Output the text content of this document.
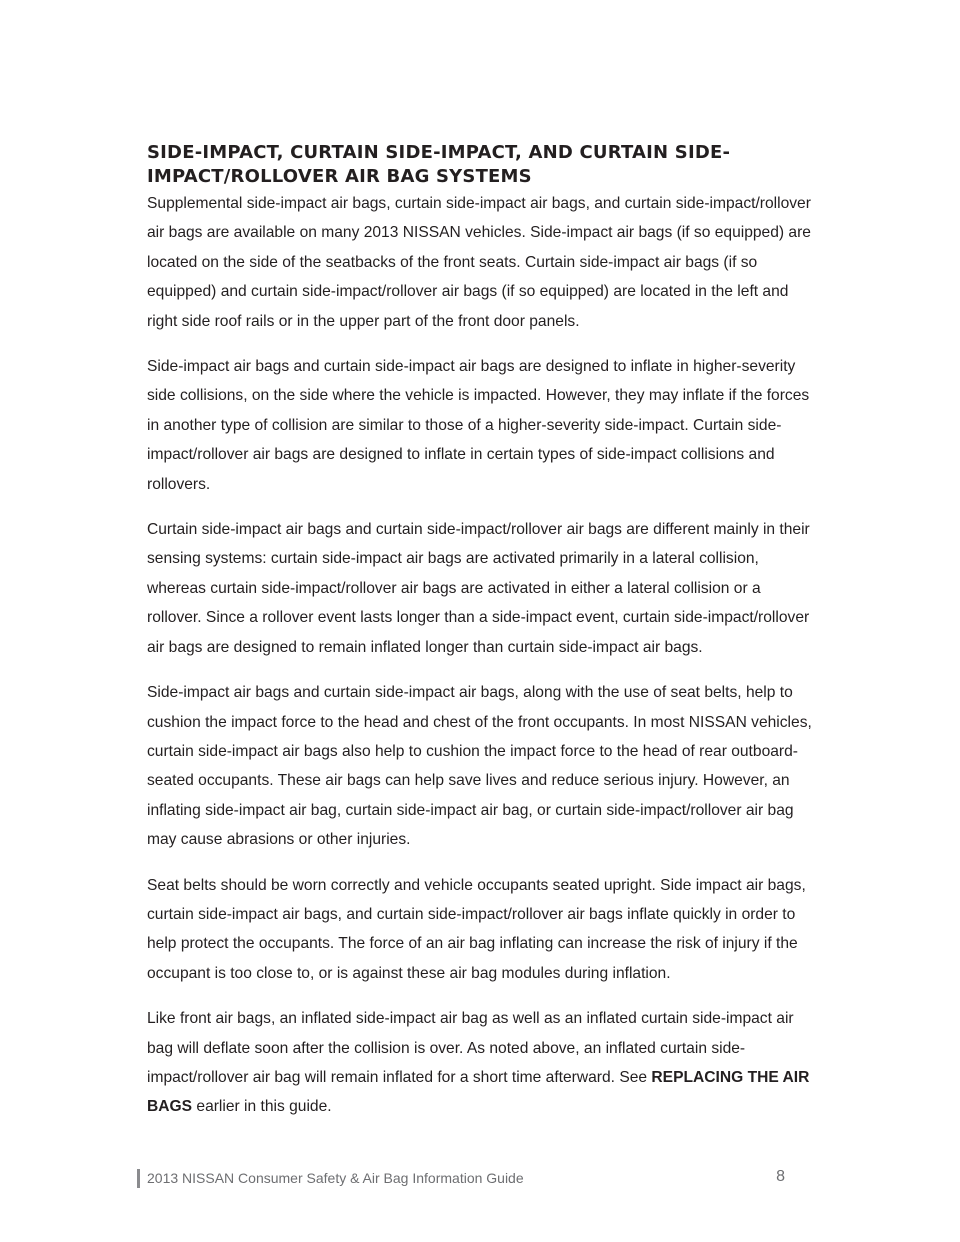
SIDE-IMPACT, CURTAIN SIDE-IMPACT, AND CURTAIN SIDE-IMPACT/ROLLOVER AIR BAG SYSTEMS

Supplemental side-impact air bags, curtain side-impact air bags, and curtain side-impact/rollover air bags are available on many 2013 NISSAN vehicles. Side-impact air bags (if so equipped) are located on the side of the seatbacks of the front seats. Curtain side-impact air bags (if so equipped) and curtain side-impact/rollover air bags (if so equipped) are located in the left and right side roof rails or in the upper part of the front door panels.

Side-impact air bags and curtain side-impact air bags are designed to inflate in higher-severity side collisions, on the side where the vehicle is impacted. However, they may inflate if the forces in another type of collision are similar to those of a higher-severity side-impact. Curtain side-impact/rollover air bags are designed to inflate in certain types of side-impact collisions and rollovers.

Curtain side-impact air bags and curtain side-impact/rollover air bags are different mainly in their sensing systems: curtain side-impact air bags are activated primarily in a lateral collision, whereas curtain side-impact/rollover air bags are activated in either a lateral collision or a rollover. Since a rollover event lasts longer than a side-impact event, curtain side-impact/rollover air bags are designed to remain inflated longer than curtain side-impact air bags.

Side-impact air bags and curtain side-impact air bags, along with the use of seat belts, help to cushion the impact force to the head and chest of the front occupants. In most NISSAN vehicles, curtain side-impact air bags also help to cushion the impact force to the head of rear outboard-seated occupants. These air bags can help save lives and reduce serious injury. However, an inflating side-impact air bag, curtain side-impact air bag, or curtain side-impact/rollover air bag may cause abrasions or other injuries.

Seat belts should be worn correctly and vehicle occupants seated upright. Side impact air bags, curtain side-impact air bags, and curtain side-impact/rollover air bags inflate quickly in order to help protect the occupants. The force of an air bag inflating can increase the risk of injury if the occupant is too close to, or is against these air bag modules during inflation.

Like front air bags, an inflated side-impact air bag as well as an inflated curtain side-impact air bag will deflate soon after the collision is over. As noted above, an inflated curtain side-impact/rollover air bag will remain inflated for a short time afterward. See REPLACING THE AIR BAGS earlier in this guide.

2013 NISSAN Consumer Safety & Air Bag Information Guide	8
